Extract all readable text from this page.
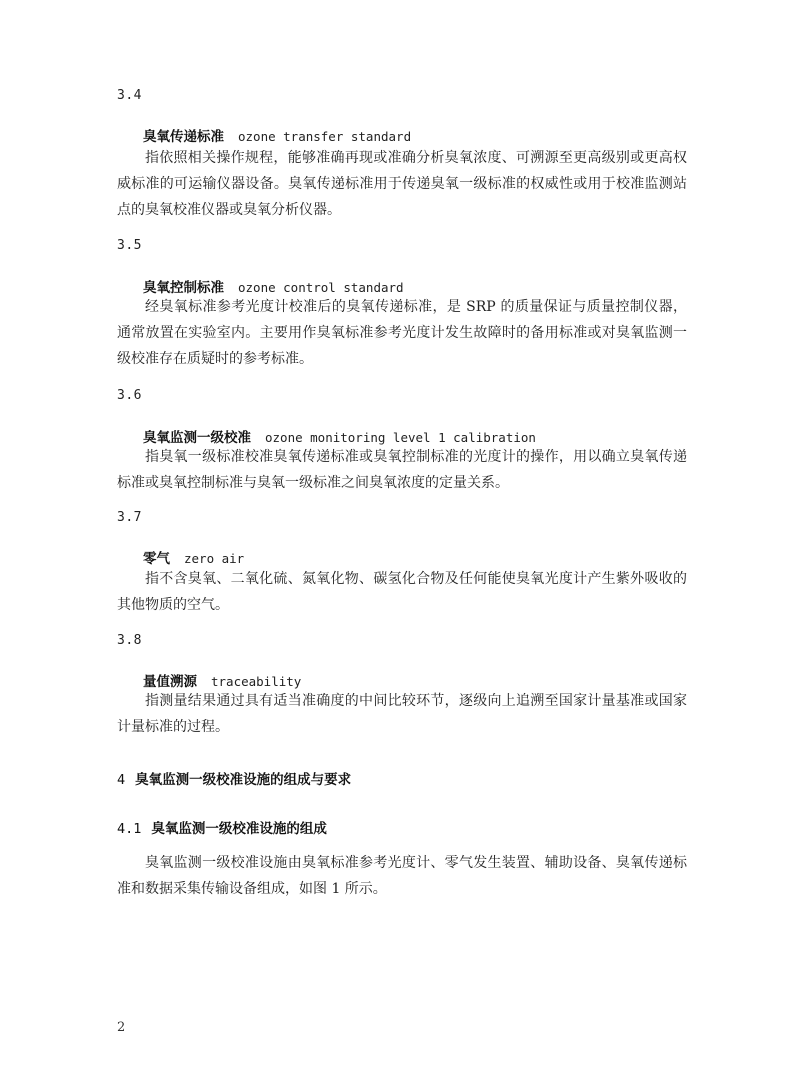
3.4
臭氧传递标准 ozone transfer standard

指依照相关操作规程，能够准确再现或准确分析臭氧浓度、可溯源至更高级别或更高权威标准的可运输仪器设备。臭氧传递标准用于传递臭氧一级标准的权威性或用于校准监测站点的臭氧校准仪器或臭氧分析仪器。

3.5
臭氧控制标准 ozone control standard

经臭氧标准参考光度计校准后的臭氧传递标准，是 SRP 的质量保证与质量控制仪器，通常放置在实验室内。主要用作臭氧标准参考光度计发生故障时的备用标准或对臭氧监测一级校准存在质疑时的参考标准。

3.6
臭氧监测一级校准 ozone monitoring level 1 calibration

指臭氧一级标准校准臭氧传递标准或臭氧控制标准的光度计的操作，用以确立臭氧传递标准或臭氧控制标准与臭氧一级标准之间臭氧浓度的定量关系。

3.7
零气 zero air

指不含臭氧、二氧化硫、氮氧化物、碳氢化合物及任何能使臭氧光度计产生紫外吸收的其他物质的空气。

3.8
量值溯源 traceability

指测量结果通过具有适当准确度的中间比较环节，逐级向上追溯至国家计量基准或国家计量标准的过程。

4 臭氧监测一级校准设施的组成与要求
4.1 臭氧监测一级校准设施的组成

臭氧监测一级校准设施由臭氧标准参考光度计、零气发生装置、辅助设备、臭氧传递标准和数据采集传输设备组成，如图 1 所示。

2
